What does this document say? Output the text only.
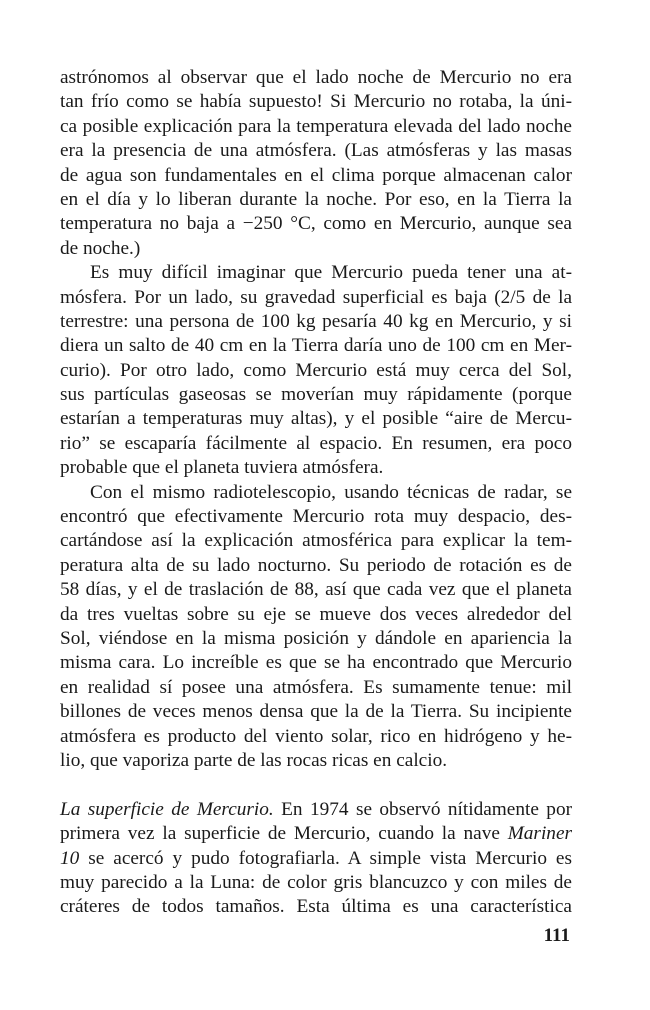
astrónomos al observar que el lado noche de Mercurio no era
tan frío como se había supuesto! Si Mercurio no rotaba, la úni-
ca posible explicación para la temperatura elevada del lado noche
era la presencia de una atmósfera. (Las atmósferas y las masas
de agua son fundamentales en el clima porque almacenan calor
en el día y lo liberan durante la noche. Por eso, en la Tierra la
temperatura no baja a −250 °C, como en Mercurio, aunque sea
de noche.)
Es muy difícil imaginar que Mercurio pueda tener una at-
mósfera. Por un lado, su gravedad superficial es baja (2/5 de la
terrestre: una persona de 100 kg pesaría 40 kg en Mercurio, y si
diera un salto de 40 cm en la Tierra daría uno de 100 cm en Mer-
curio). Por otro lado, como Mercurio está muy cerca del Sol,
sus partículas gaseosas se moverían muy rápidamente (porque
estarían a temperaturas muy altas), y el posible “aire de Mercu-
rio” se escaparía fácilmente al espacio. En resumen, era poco
probable que el planeta tuviera atmósfera.
Con el mismo radiotelescopio, usando técnicas de radar, se
encontró que efectivamente Mercurio rota muy despacio, des-
cartándose así la explicación atmosférica para explicar la tem-
peratura alta de su lado nocturno. Su periodo de rotación es de
58 días, y el de traslación de 88, así que cada vez que el planeta
da tres vueltas sobre su eje se mueve dos veces alrededor del
Sol, viéndose en la misma posición y dándole en apariencia la
misma cara. Lo increíble es que se ha encontrado que Mercurio
en realidad sí posee una atmósfera. Es sumamente tenue: mil
billones de veces menos densa que la de la Tierra. Su incipiente
atmósfera es producto del viento solar, rico en hidrógeno y he-
lio, que vaporiza parte de las rocas ricas en calcio.
La superficie de Mercurio. En 1974 se observó nítidamente por
primera vez la superficie de Mercurio, cuando la nave Mariner
10 se acercó y pudo fotografiarla. A simple vista Mercurio es
muy parecido a la Luna: de color gris blancuzco y con miles de
cráteres de todos tamaños. Esta última es una característica
111
